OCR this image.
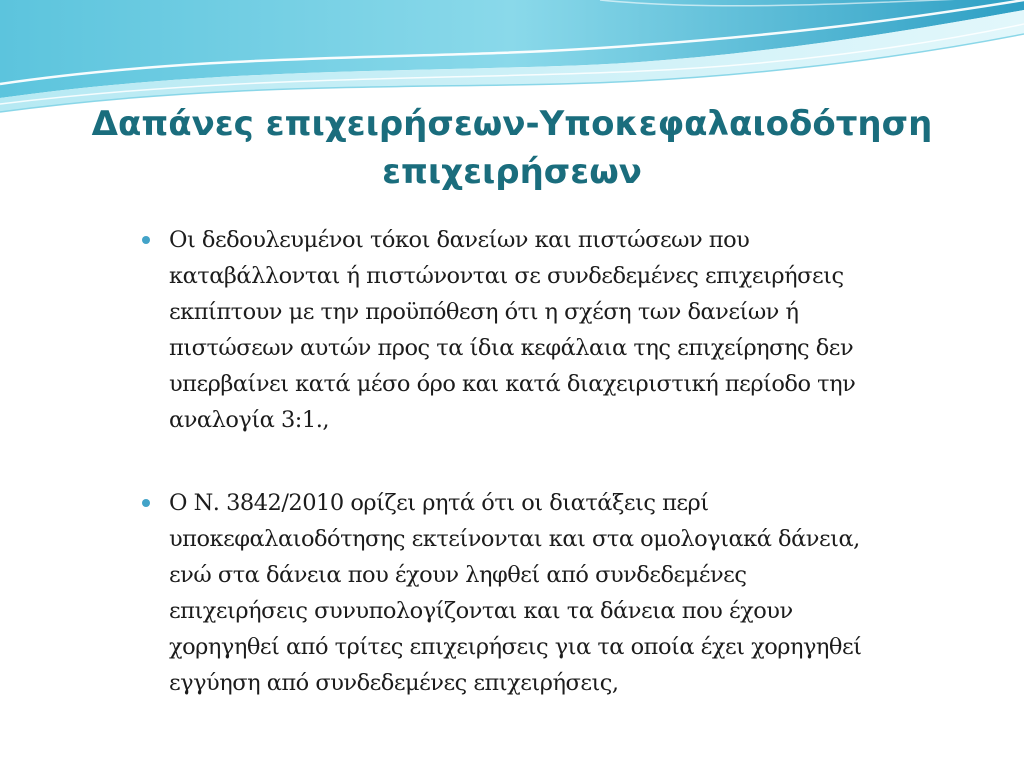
Δαπάνες επιχειρήσεων-Υποκεφαλαιοδότηση
επιχειρήσεων
Οι δεδουλευμένοι τόκοι δανείων και πιστώσεων που
καταβάλλονται ή πιστώνονται σε συνδεδεμένες επιχειρήσεις
εκπίπτουν με την προϋπόθεση ότι η σχέση των δανείων ή
πιστώσεων αυτών προς τα ίδια κεφάλαια της επιχείρησης δεν
υπερβαίνει κατά μέσο όρο και κατά διαχειριστική περίοδο την
αναλογία 3:1.,
Ο Ν. 3842/2010 ορίζει ρητά ότι οι διατάξεις περί
υποκεφαλαιοδότησης εκτείνονται και στα ομολογιακά δάνεια,
ενώ στα δάνεια που έχουν ληφθεί από συνδεδεμένες
επιχειρήσεις συνυπολογίζονται και τα δάνεια που έχουν
χορηγηθεί από τρίτες επιχειρήσεις για τα οποία έχει χορηγηθεί
εγγύηση από συνδεδεμένες επιχειρήσεις,
